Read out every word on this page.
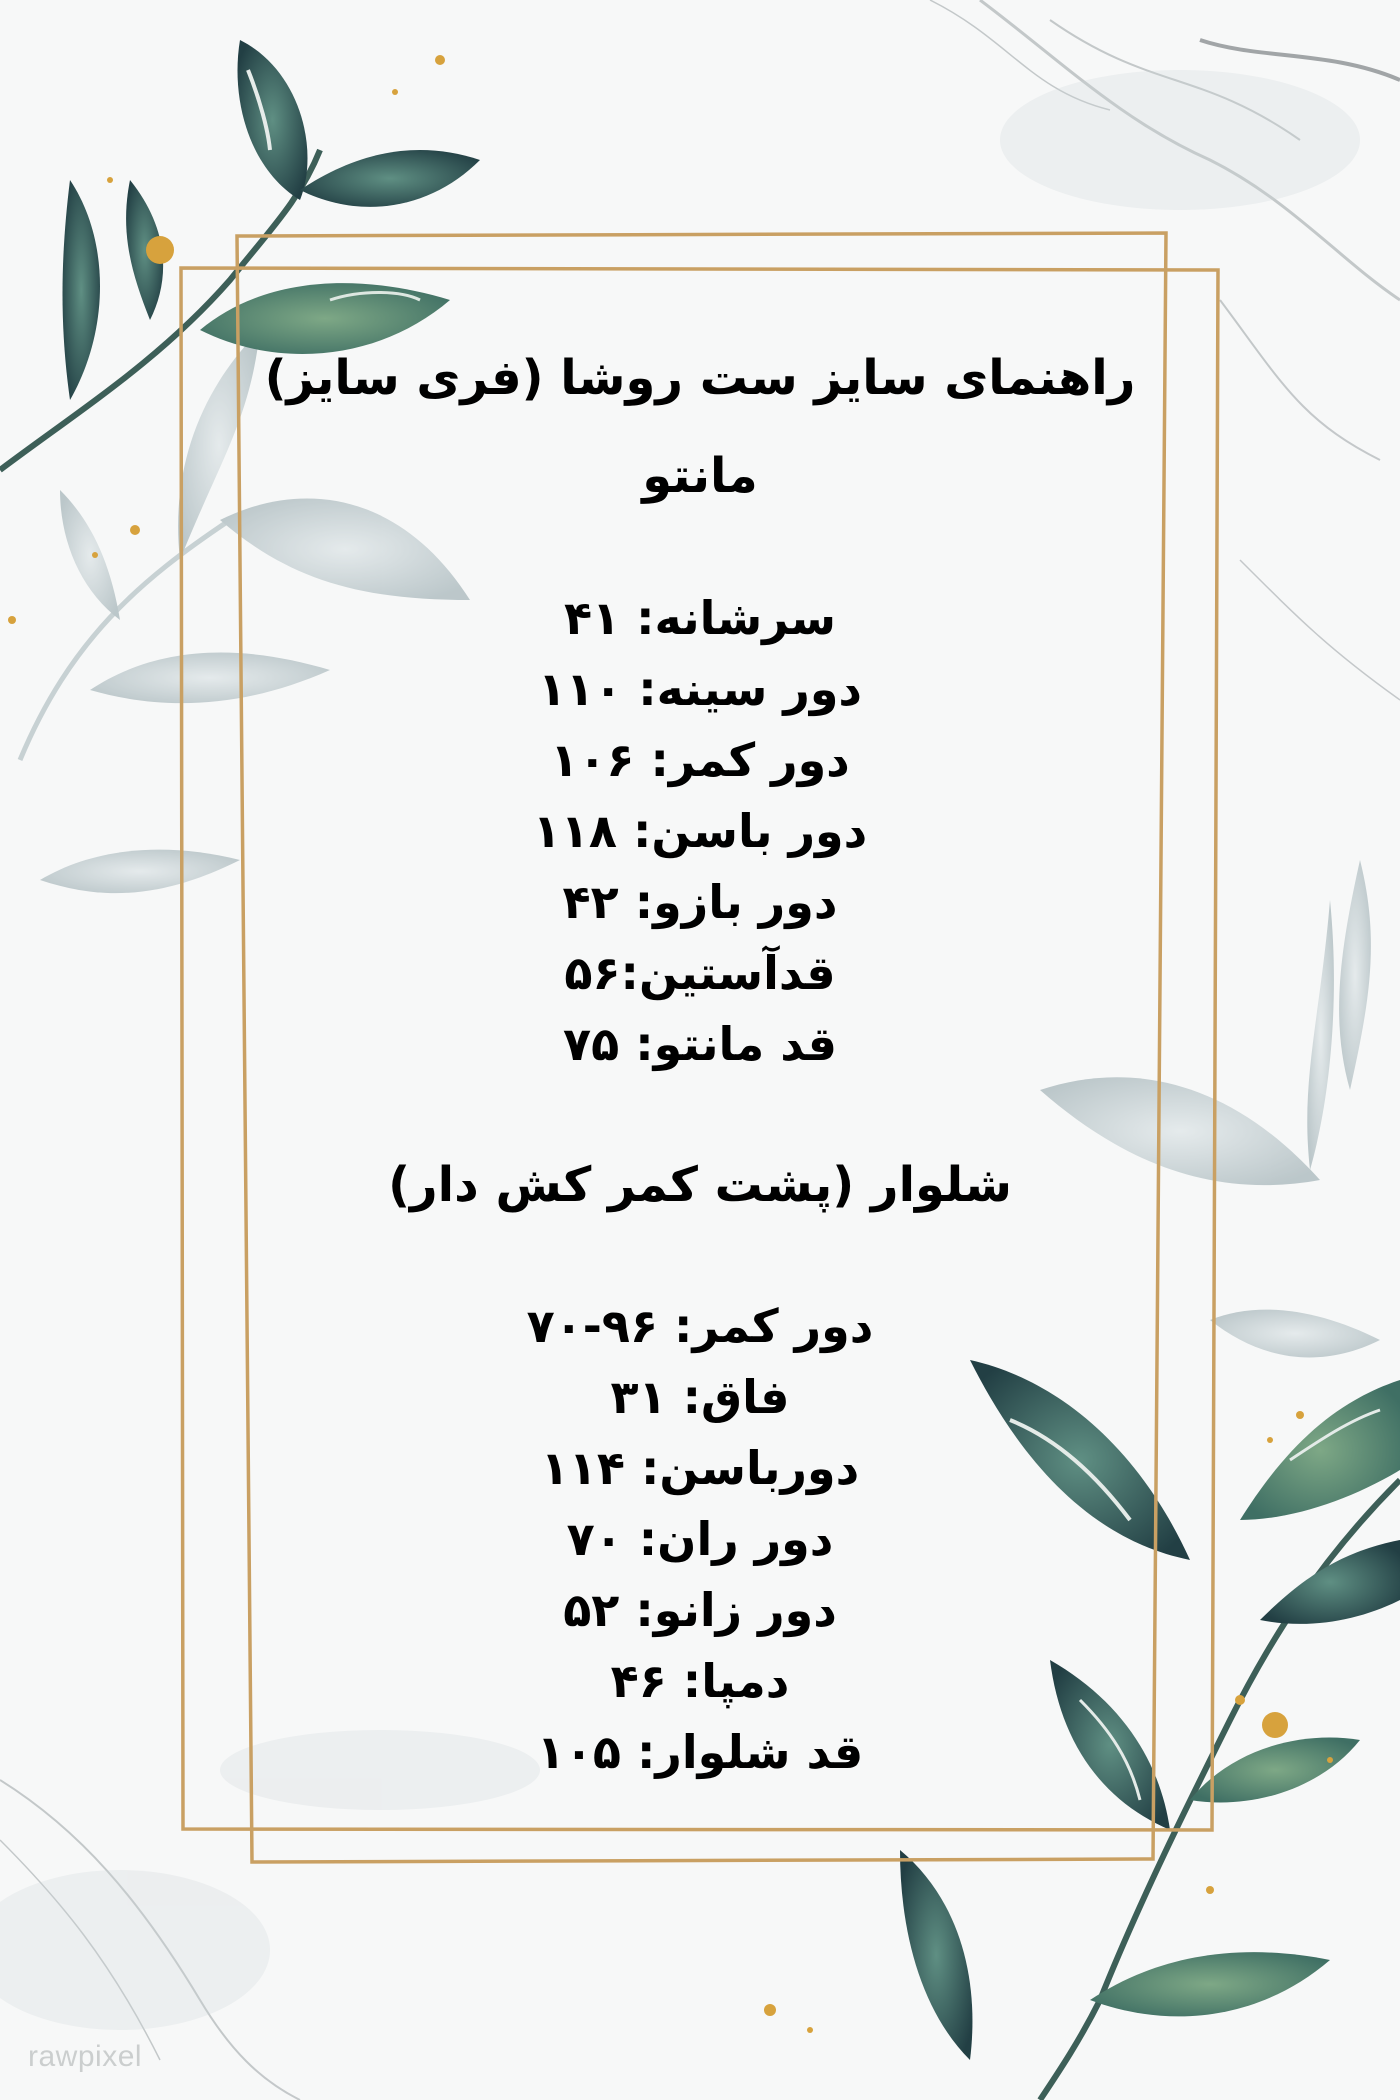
راهنمای سایز ست روشا (فری سایز)
مانتو

سرشانه: ۴۱

دور سینه: ۱۱۰

دور کمر: ۱۰۶

دور باسن: ۱۱۸

دور بازو: ۴۲

قدآستین:۵۶

قد مانتو: ۷۵

شلوار (پشت کمر کش دار)

دور کمر: ۹۶-۷۰

فاق: ۳۱

دورباسن: ۱۱۴

دور ران: ۷۰

دور زانو: ۵۲

دمپا: ۴۶

قد شلوار: ۱۰۵

rawpixel
